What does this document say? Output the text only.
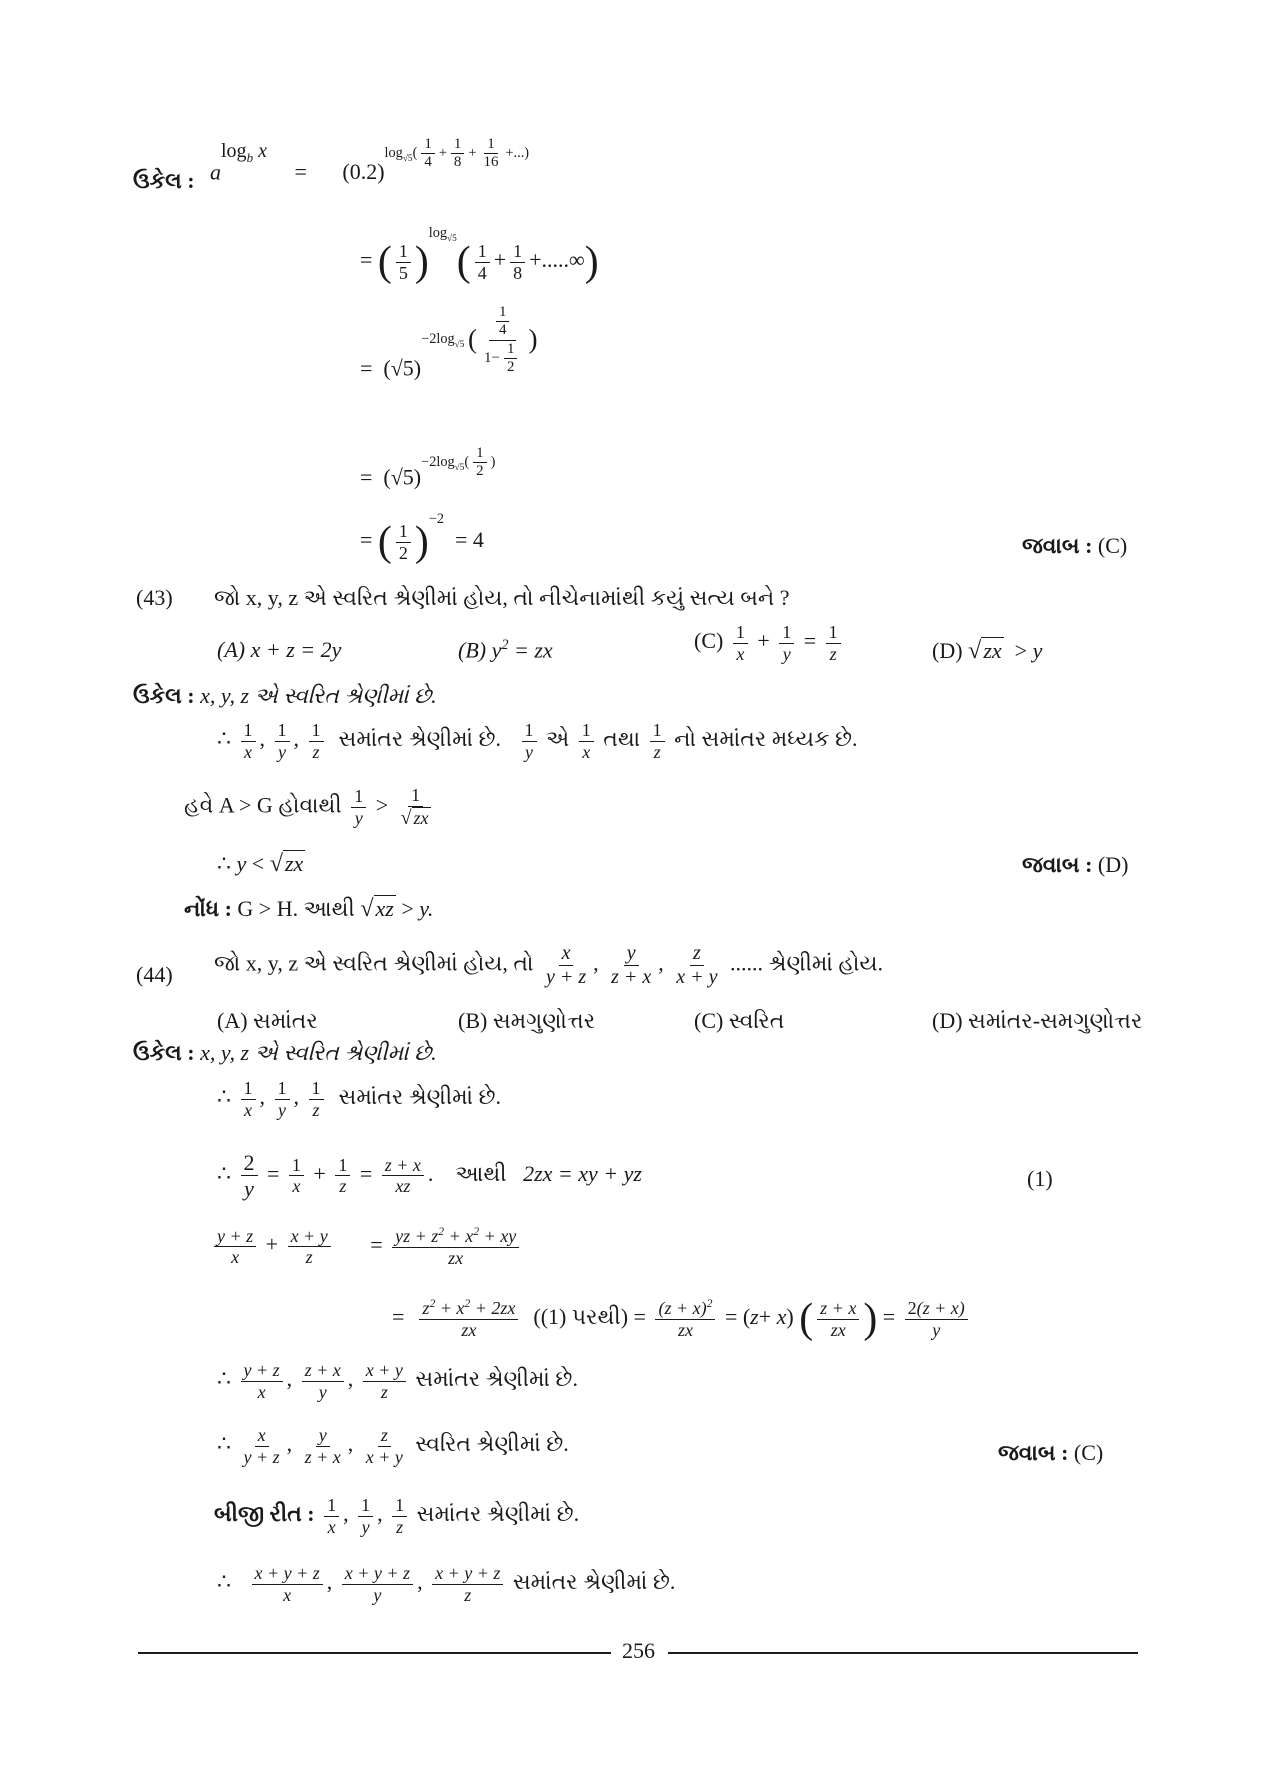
ઉકેલ : $a^{log_b x} = (0.2)^{log_{√5}( \frac{1}{4} + \frac{1}{8} + \frac{1}{16} +...)}$
= ( $\frac{1}{5} )^{log_{√5}}( \frac{1}{4} + \frac{1}{8}$ +.....∞)
=  $(√5)^{-2log_{√5} ( \frac{\frac{1}{4}}{1- \frac{1}{2}} )}$
=  $(√5)^{-2log_{√5}( \frac{1}{2} )}$
= ( $\frac{1}{2} )^{-2} = 4$	જવાબ : (C)
(43) જો x, y, z એ સ્વરિત શ્રેણીમાં હોય, તો નીચેનામાંથી કયું સત્ય બને ?
(A) x + z = 2y	(B) $y^2$ = zx	$(C) \frac{1}{x} + \frac{1}{y} = \frac{1}{z}$	(D) √ zx > y
ઉકેલ : x, y, z એ સ્વરિત શ્રેણીમાં છે.
∴ $\frac{1}{x}$ , $\frac{1}{y}$ , $\frac{1}{z}$ સમાંતર શ્રેણીમાં છે. $\frac{1}{y}$ એ $\frac{1}{x}$ તથા $\frac{1}{z}$ નો સમાંતર મધ્યક છે.
હવે A > G હોવાથી $\frac{1}{y} > \frac{1}{√ zx}$
∴ y < √ zx	જવાબ : (D)
નોંધ : G > H. આથી √ xz > y.
(44) જો x, y, z એ સ્વરિત શ્રેણીમાં હોય, તો $\frac{x}{y + z}$ , $\frac{y}{z + x}$ , $\frac{z}{x + y}$ ...... શ્રેણીમાં હોય.
(A) સમાંતર	(B) સમગુણોત્તર	(C) સ્વરિત	(D) સમાંતર-સમગુણોત્તર
ઉકેલ : x, y, z એ સ્વરિત શ્રેણીમાં છે.
∴ $\frac{1}{x}$ , $\frac{1}{y}$ , $\frac{1}{z}$ સમાંતર શ્રેણીમાં છે.
∴ $\frac{2}{y} = \frac{1}{x} + \frac{1}{z} = \frac{z + x}{xz}$ .    આથી 2zx = xy + yz	(1)
$\frac{y + z}{x} + \frac{x + y}{z} = \frac{yz + z^2 + x^2 + xy}{zx}$
= $\frac{z^2 + x^2 + 2zx}{zx} ((1)$ પરથી) = $\frac{(z + x)^2}{zx} = (z+ x)$ ( $\frac{z + x}{zx}$ ) = $\frac{2(z + x)}{y}$
∴ $\frac{y + z}{x}$ , $\frac{z + x}{y}$ , $\frac{x + y}{z}$ સમાંતર શ્રેણીમાં છે.
∴ $\frac{x}{y + z}$ , $\frac{y}{z + x}$ , $\frac{z}{x + y}$ સ્વરિત શ્રેણીમાં છે.	જવાબ : (C)
બીજી રીત : $\frac{1}{x}$ , $\frac{1}{y}$ , $\frac{1}{z}$ સમાંતર શ્રેણીમાં છે.
∴ $\frac{x + y + z}{x}$ , $\frac{x + y + z}{y}$ , $\frac{x + y + z}{z}$ સમાંતર શ્રેણીમાં છે.
256
